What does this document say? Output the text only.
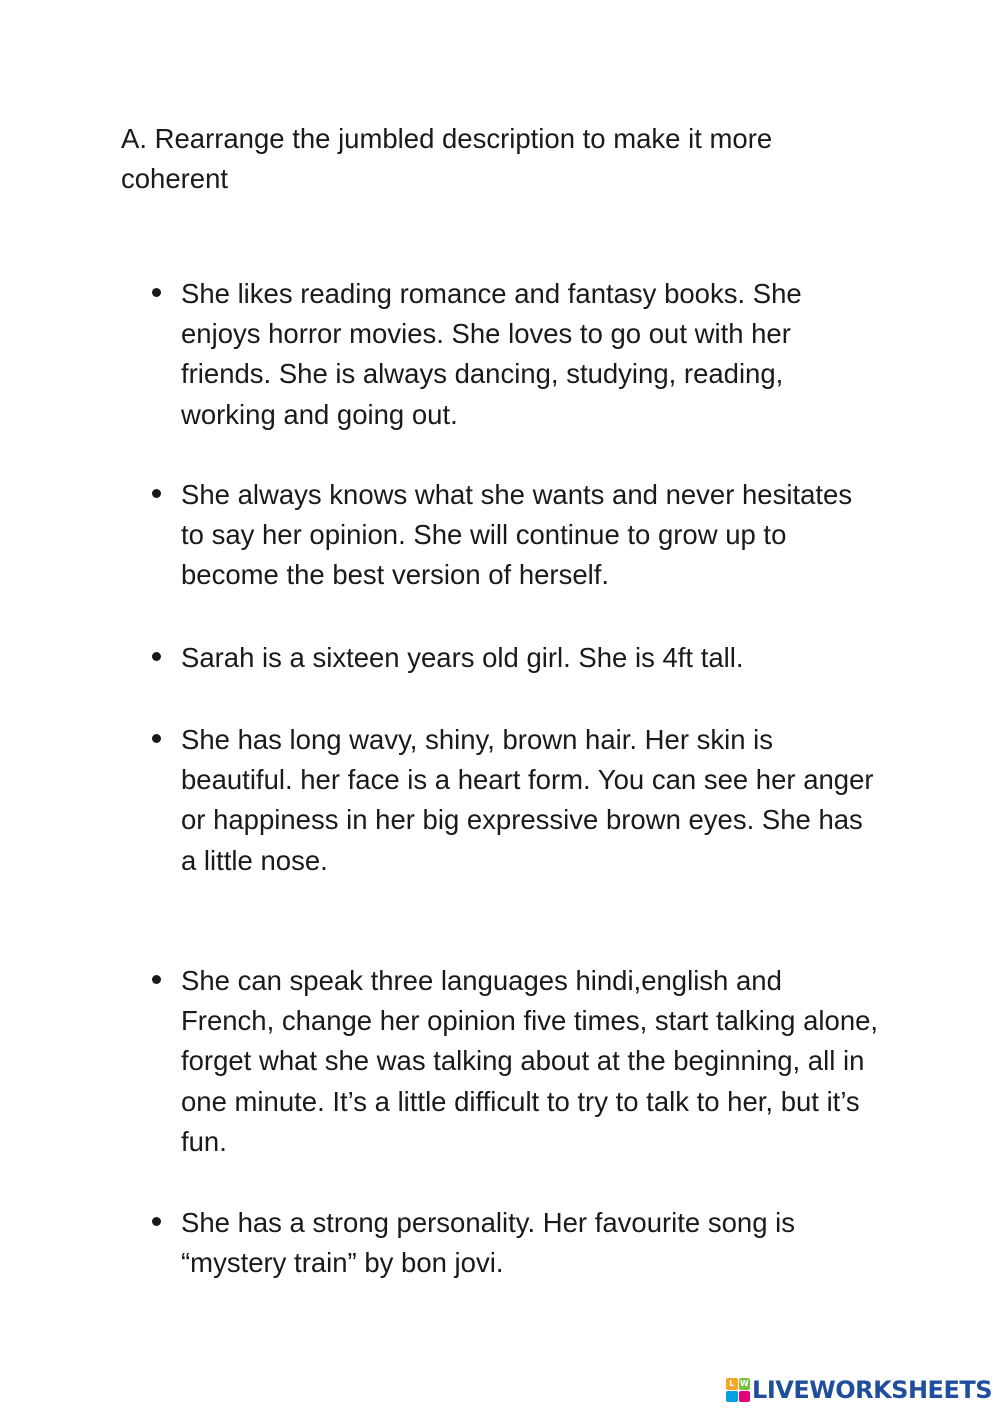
A. Rearrange the jumbled description to make it more coherent

She likes reading romance and fantasy books. She enjoys horror movies. She loves to go out with her friends. She is always dancing, studying, reading, working and going out.
She always knows what she wants and never hesitates to say her opinion. She will continue to grow up to become the best version of herself.
Sarah is a sixteen years old girl. She is 4ft tall.
She has long wavy, shiny, brown hair. Her skin is beautiful. her face is a heart form. You can see her anger or happiness in her big expressive brown eyes. She has a little nose.
She can speak three languages hindi,english and French, change her opinion five times, start talking alone, forget what she was talking about at the beginning, all in one minute. It’s a little difficult to try to talk to her, but it’s fun.
She has a strong personality. Her favourite song is “mystery train” by bon jovi.
L W LIVEWORKSHEETS
